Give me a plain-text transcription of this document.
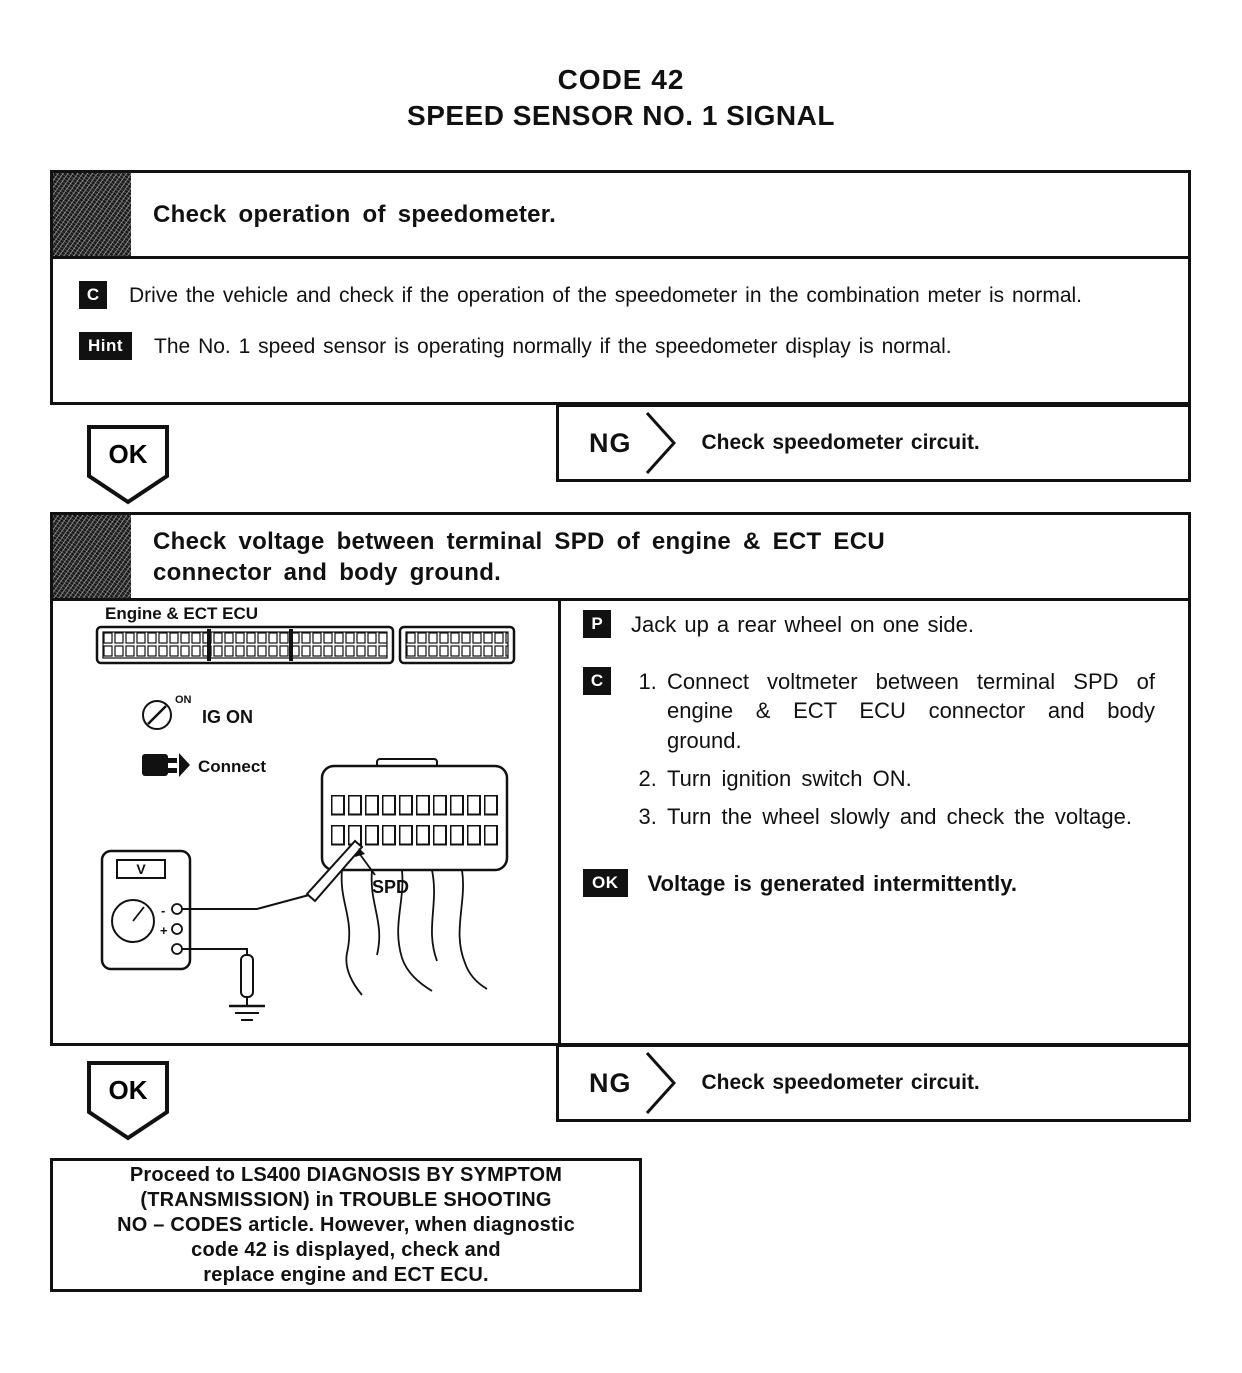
CODE 42
SPEED SENSOR NO. 1 SIGNAL
Check operation of speedometer.
C	Drive the vehicle and check if the operation of the speedometer in the combination meter is normal.
Hint	The No. 1 speed sensor is operating normally if the speedometer display is normal.
OK	NG	Check speedometer circuit.
Check voltage between terminal SPD of engine & ECT ECU
connector and body ground.
Engine & ECT ECU
ON
IG ON
Connect
SPD
V
-
+
P	Jack up a rear wheel on one side.
C	1. Connect voltmeter between terminal SPD of engine & ECT ECU connector and body ground.
2. Turn ignition switch ON.
3. Turn the wheel slowly and check the voltage.
OK	Voltage is generated intermittently.
OK	NG	Check speedometer circuit.
Proceed to LS400 DIAGNOSIS BY SYMPTOM
(TRANSMISSION) in TROUBLE SHOOTING
NO – CODES article. However, when diagnostic
code 42 is displayed, check and
replace engine and ECT ECU.
